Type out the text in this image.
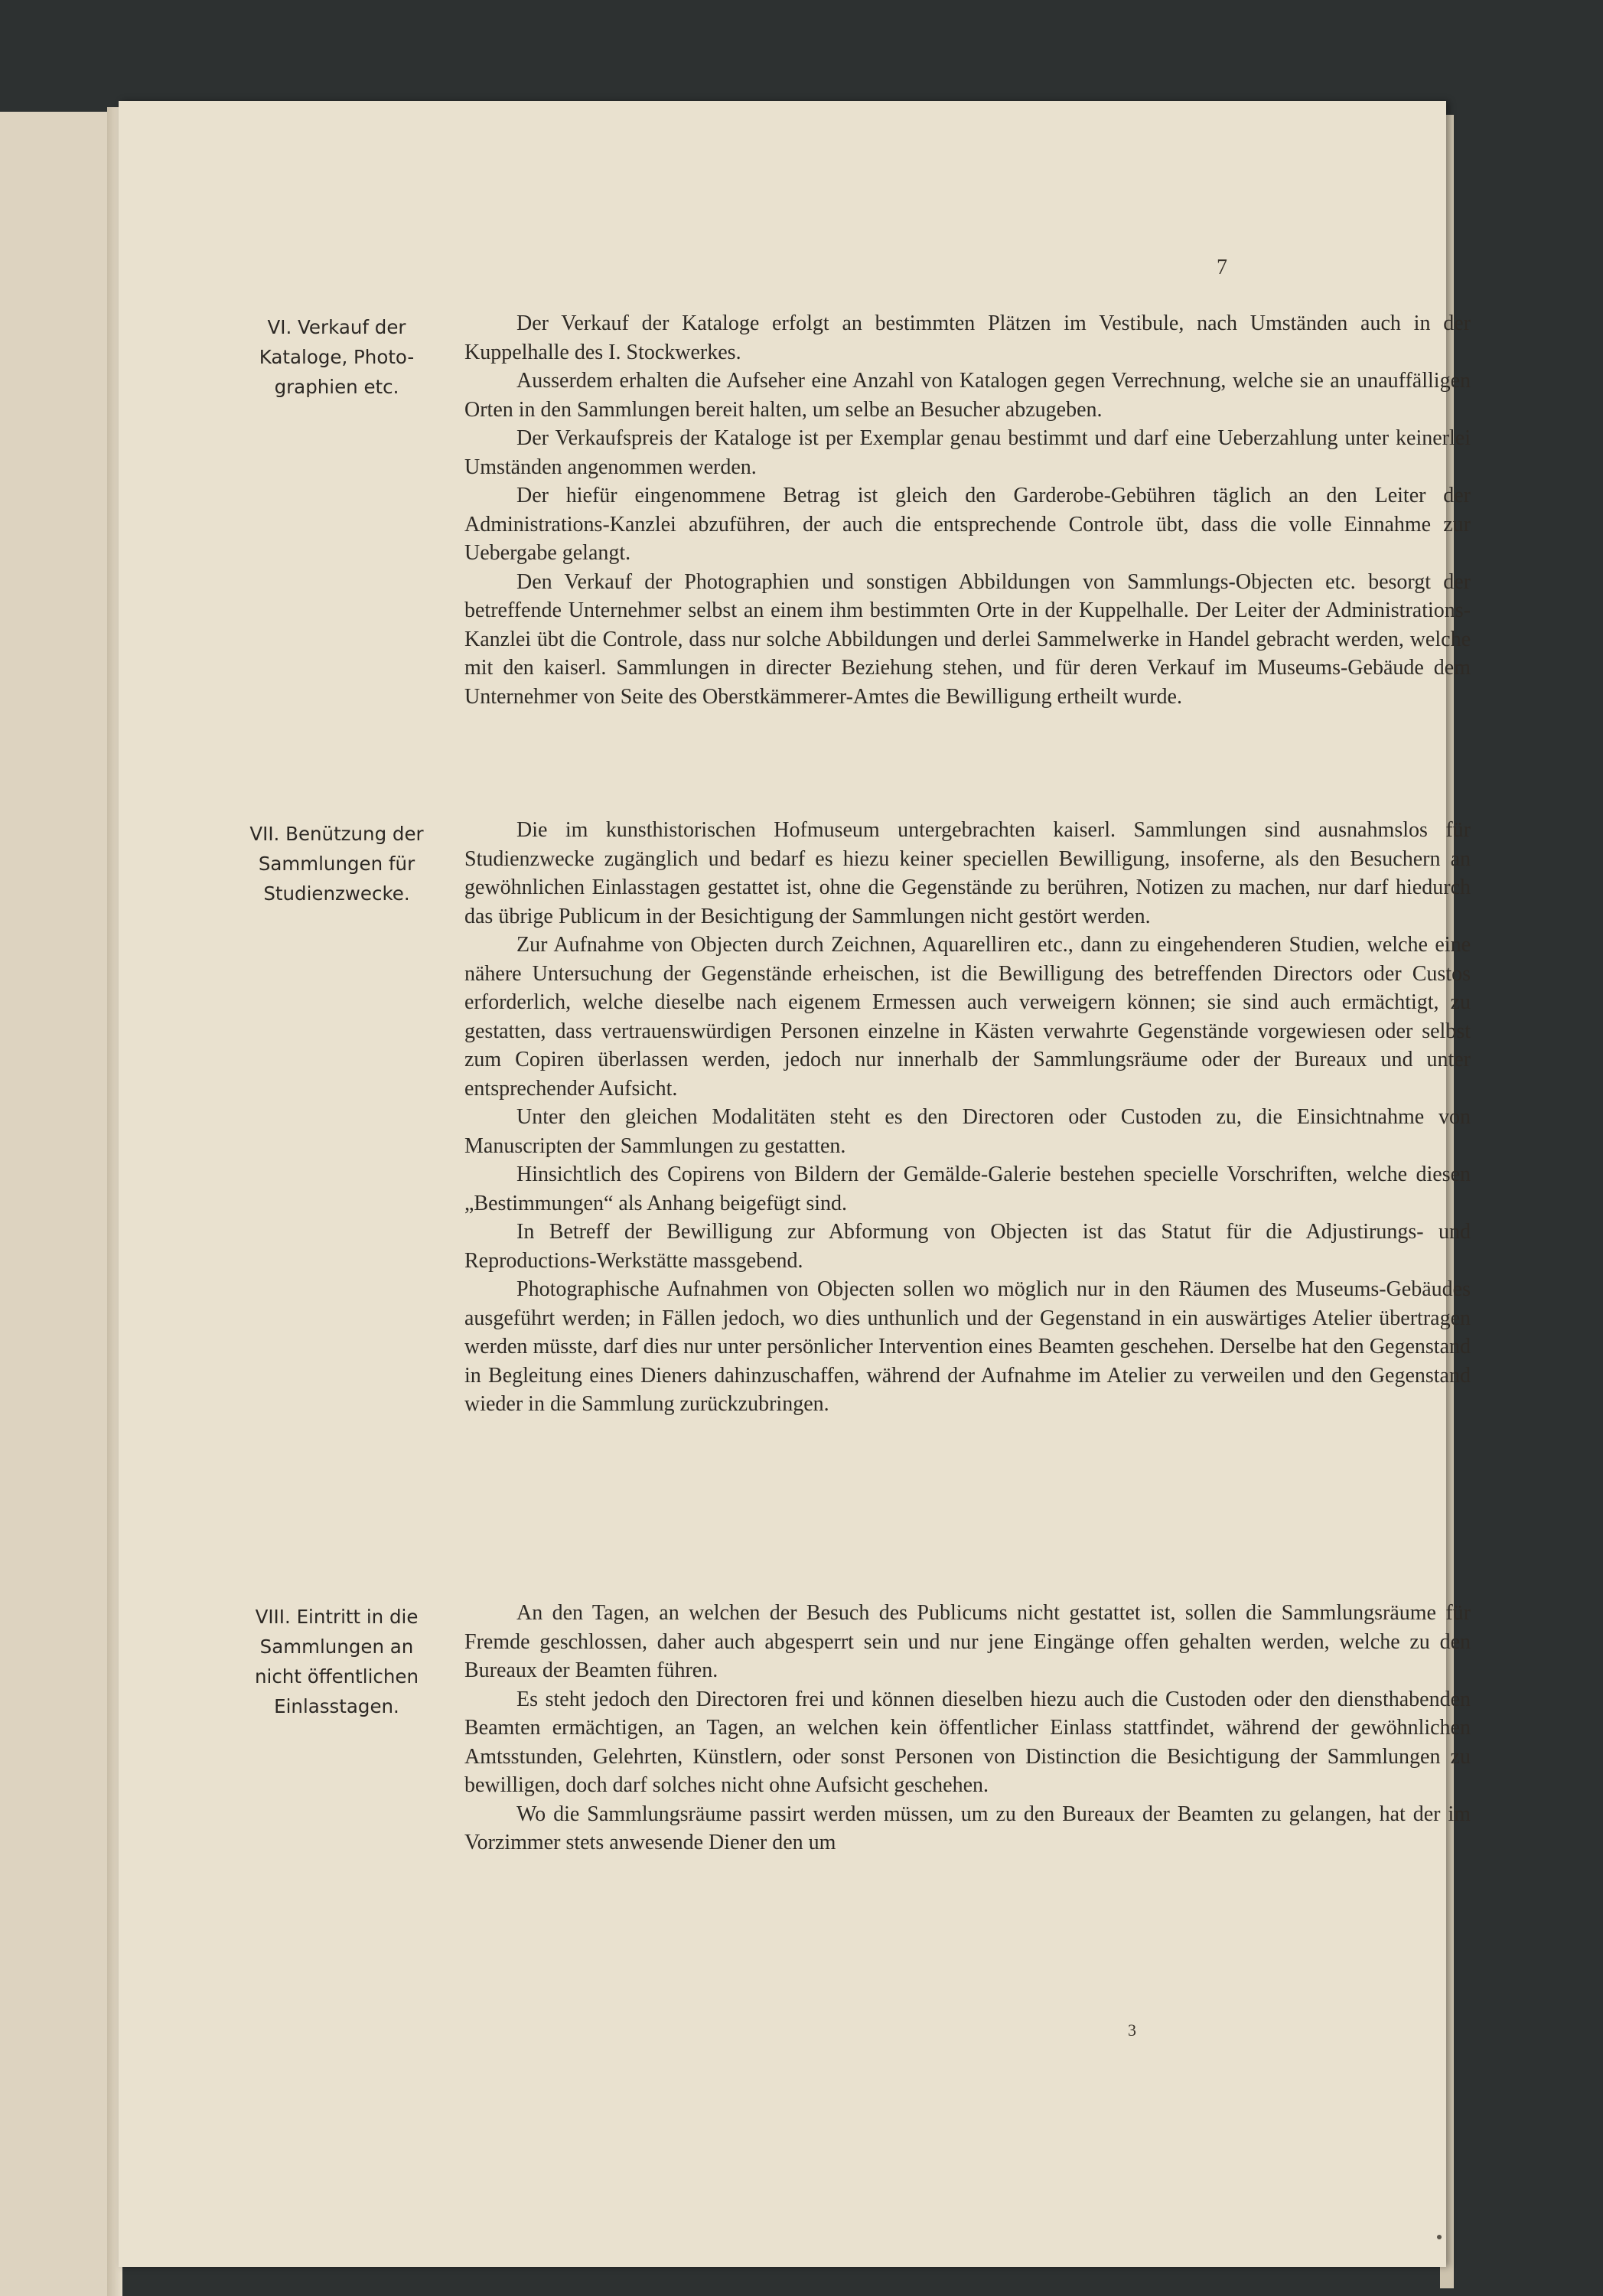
7
VI. Verkauf der
Kataloge, Photo-
graphien etc.

Der Verkauf der Kataloge erfolgt an bestimmten Plätzen im Vestibule, nach Umständen auch in der Kuppelhalle des I. Stockwerkes.

Ausserdem erhalten die Aufseher eine Anzahl von Katalogen gegen Verrechnung, welche sie an unauffälligen Orten in den Sammlungen bereit halten, um selbe an Besucher abzugeben.

Der Verkaufspreis der Kataloge ist per Exemplar genau bestimmt und darf eine Ueberzahlung unter keinerlei Umständen angenommen werden.

Der hiefür eingenommene Betrag ist gleich den Garderobe-Gebühren täglich an den Leiter der Administrations-Kanzlei abzuführen, der auch die entsprechende Controle übt, dass die volle Einnahme zur Uebergabe gelangt.

Den Verkauf der Photographien und sonstigen Abbildungen von Sammlungs-Objecten etc. besorgt der betreffende Unternehmer selbst an einem ihm bestimmten Orte in der Kuppelhalle. Der Leiter der Administrations-Kanzlei übt die Controle, dass nur solche Abbildungen und derlei Sammelwerke in Handel gebracht werden, welche mit den kaiserl. Sammlungen in directer Beziehung stehen, und für deren Verkauf im Museums-Gebäude dem Unternehmer von Seite des Oberstkämmerer-Amtes die Bewilligung ertheilt wurde.

VII. Benützung der
Sammlungen für
Studienzwecke.

Die im kunsthistorischen Hofmuseum untergebrachten kaiserl. Sammlungen sind ausnahmslos für Studienzwecke zugänglich und bedarf es hiezu keiner speciellen Bewilligung, insoferne, als den Besuchern an gewöhnlichen Einlasstagen gestattet ist, ohne die Gegenstände zu berühren, Notizen zu machen, nur darf hiedurch das übrige Publicum in der Besichtigung der Sammlungen nicht gestört werden.

Zur Aufnahme von Objecten durch Zeichnen, Aquarelliren etc., dann zu eingehenderen Studien, welche eine nähere Untersuchung der Gegenstände erheischen, ist die Bewilligung des betreffenden Directors oder Custos erforderlich, welche dieselbe nach eigenem Ermessen auch verweigern können; sie sind auch ermächtigt, zu gestatten, dass vertrauenswürdigen Personen einzelne in Kästen verwahrte Gegenstände vorgewiesen oder selbst zum Copiren überlassen werden, jedoch nur innerhalb der Sammlungsräume oder der Bureaux und unter entsprechender Aufsicht.

Unter den gleichen Modalitäten steht es den Directoren oder Custoden zu, die Einsichtnahme von Manuscripten der Sammlungen zu gestatten.

Hinsichtlich des Copirens von Bildern der Gemälde-Galerie bestehen specielle Vorschriften, welche diesen „Bestimmungen“ als Anhang beigefügt sind.

In Betreff der Bewilligung zur Abformung von Objecten ist das Statut für die Adjustirungs- und Reproductions-Werkstätte massgebend.

Photographische Aufnahmen von Objecten sollen wo möglich nur in den Räumen des Museums-Gebäudes ausgeführt werden; in Fällen jedoch, wo dies unthunlich und der Gegenstand in ein auswärtiges Atelier übertragen werden müsste, darf dies nur unter persönlicher Intervention eines Beamten geschehen. Derselbe hat den Gegenstand in Begleitung eines Dieners dahinzuschaffen, während der Aufnahme im Atelier zu verweilen und den Gegenstand wieder in die Sammlung zurückzubringen.

VIII. Eintritt in die
Sammlungen an
nicht öffentlichen
Einlasstagen.

An den Tagen, an welchen der Besuch des Publicums nicht gestattet ist, sollen die Sammlungsräume für Fremde geschlossen, daher auch abgesperrt sein und nur jene Eingänge offen gehalten werden, welche zu den Bureaux der Beamten führen.

Es steht jedoch den Directoren frei und können dieselben hiezu auch die Custoden oder den diensthabenden Beamten ermächtigen, an Tagen, an welchen kein öffentlicher Einlass stattfindet, während der gewöhnlichen Amtsstunden, Gelehrten, Künstlern, oder sonst Personen von Distinction die Besichtigung der Sammlungen zu bewilligen, doch darf solches nicht ohne Aufsicht geschehen.

Wo die Sammlungsräume passirt werden müssen, um zu den Bureaux der Beamten zu gelangen, hat der im Vorzimmer stets anwesende Diener den um

3
